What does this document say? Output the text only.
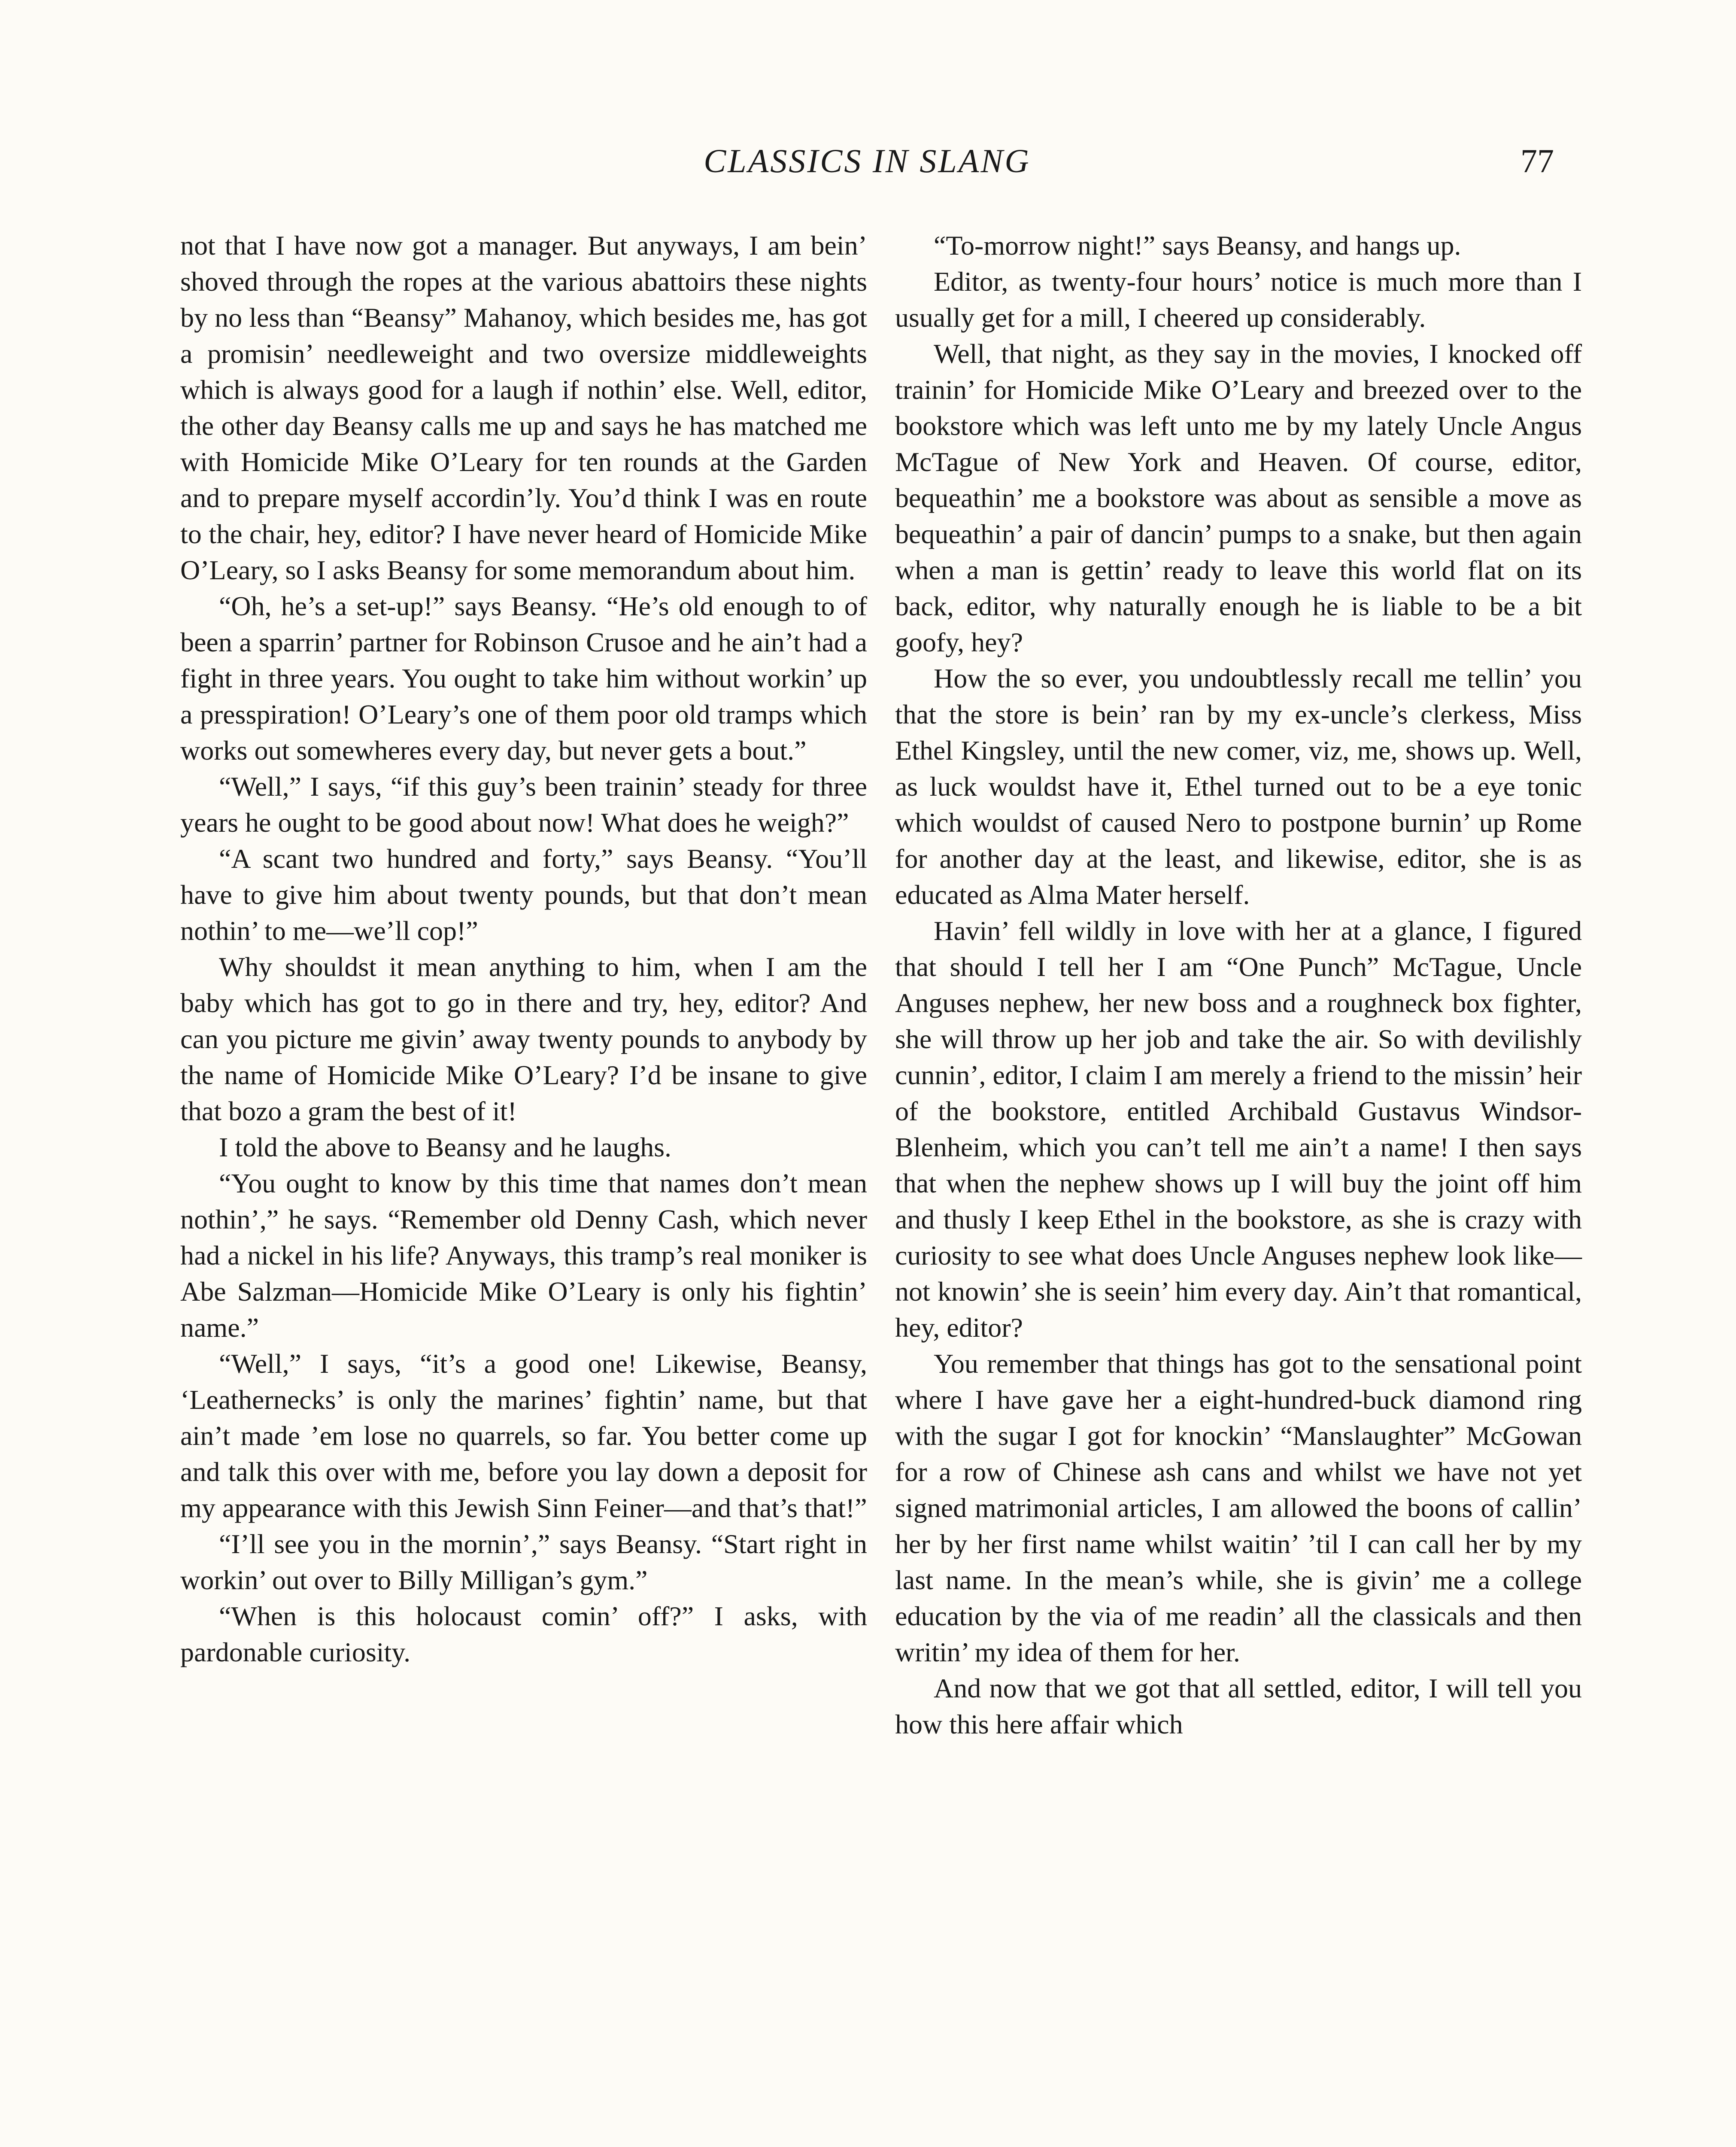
CLASSICS IN SLANG	77

not that I have now got a manager. But anyways, I am bein’ shoved through the ropes at the various abattoirs these nights by no less than “Beansy” Mahanoy, which besides me, has got a promisin’ needleweight and two oversize middleweights which is always good for a laugh if nothin’ else. Well, editor, the other day Beansy calls me up and says he has matched me with Homicide Mike O’Leary for ten rounds at the Garden and to prepare myself accordin’ly. You’d think I was en route to the chair, hey, editor? I have never heard of Homicide Mike O’Leary, so I asks Beansy for some memorandum about him.

“Oh, he’s a set-up!” says Beansy. “He’s old enough to of been a sparrin’ partner for Robinson Crusoe and he ain’t had a fight in three years. You ought to take him without workin’ up a presspiration! O’Leary’s one of them poor old tramps which works out somewheres every day, but never gets a bout.”

“Well,” I says, “if this guy’s been trainin’ steady for three years he ought to be good about now! What does he weigh?”

“A scant two hundred and forty,” says Beansy. “You’ll have to give him about twenty pounds, but that don’t mean nothin’ to me—we’ll cop!”

Why shouldst it mean anything to him, when I am the baby which has got to go in there and try, hey, editor? And can you picture me givin’ away twenty pounds to anybody by the name of Homicide Mike O’Leary? I’d be insane to give that bozo a gram the best of it!

I told the above to Beansy and he laughs.

“You ought to know by this time that names don’t mean nothin’,” he says. “Remember old Denny Cash, which never had a nickel in his life? Anyways, this tramp’s real moniker is Abe Salzman—Homicide Mike O’Leary is only his fightin’ name.”

“Well,” I says, “it’s a good one! Likewise, Beansy, ‘Leathernecks’ is only the marines’ fightin’ name, but that ain’t made ’em lose no quarrels, so far. You better come up and talk this over with me, before you lay down a deposit for my appearance with this Jewish Sinn Feiner—and that’s that!”

“I’ll see you in the mornin’,” says Beansy. “Start right in workin’ out over to Billy Milligan’s gym.”

“When is this holocaust comin’ off?” I asks, with pardonable curiosity.

“To-morrow night!” says Beansy, and hangs up.

Editor, as twenty-four hours’ notice is much more than I usually get for a mill, I cheered up considerably.

Well, that night, as they say in the movies, I knocked off trainin’ for Homicide Mike O’Leary and breezed over to the bookstore which was left unto me by my lately Uncle Angus McTague of New York and Heaven. Of course, editor, bequeathin’ me a bookstore was about as sensible a move as bequeathin’ a pair of dancin’ pumps to a snake, but then again when a man is gettin’ ready to leave this world flat on its back, editor, why naturally enough he is liable to be a bit goofy, hey?

How the so ever, you undoubtlessly recall me tellin’ you that the store is bein’ ran by my ex-uncle’s clerkess, Miss Ethel Kingsley, until the new comer, viz, me, shows up. Well, as luck wouldst have it, Ethel turned out to be a eye tonic which wouldst of caused Nero to postpone burnin’ up Rome for another day at the least, and likewise, editor, she is as educated as Alma Mater herself.

Havin’ fell wildly in love with her at a glance, I figured that should I tell her I am “One Punch” McTague, Uncle Anguses nephew, her new boss and a roughneck box fighter, she will throw up her job and take the air. So with devilishly cunnin’, editor, I claim I am merely a friend to the missin’ heir of the bookstore, entitled Archibald Gustavus Windsor-Blenheim, which you can’t tell me ain’t a name! I then says that when the nephew shows up I will buy the joint off him and thusly I keep Ethel in the bookstore, as she is crazy with curiosity to see what does Uncle Anguses nephew look like—not knowin’ she is seein’ him every day. Ain’t that romantical, hey, editor?

You remember that things has got to the sensational point where I have gave her a eight-hundred-buck diamond ring with the sugar I got for knockin’ “Manslaughter” McGowan for a row of Chinese ash cans and whilst we have not yet signed matrimonial articles, I am allowed the boons of callin’ her by her first name whilst waitin’ ’til I can call her by my last name. In the mean’s while, she is givin’ me a college education by the via of me readin’ all the classicals and then writin’ my idea of them for her.

And now that we got that all settled, editor, I will tell you how this here affair which
